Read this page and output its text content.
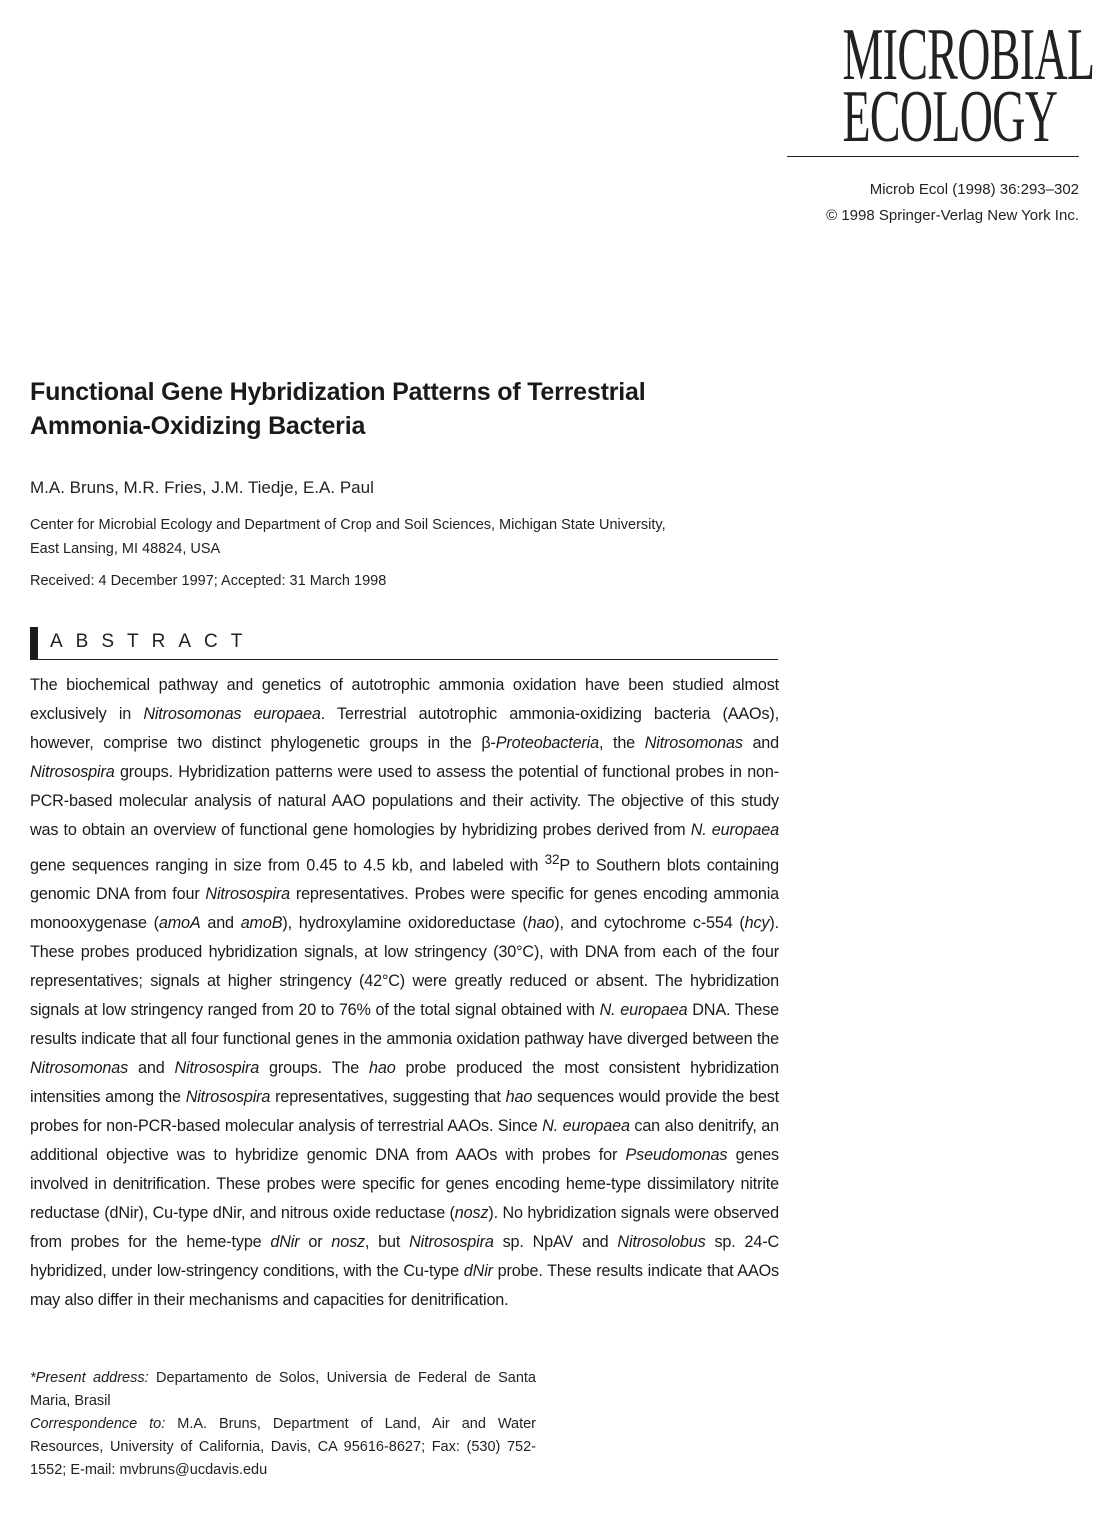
MICROBIAL
ECOLOGY
Microb Ecol (1998) 36:293–302
© 1998 Springer-Verlag New York Inc.
Functional Gene Hybridization Patterns of Terrestrial
Ammonia-Oxidizing Bacteria
M.A. Bruns, M.R. Fries, J.M. Tiedje, E.A. Paul
Center for Microbial Ecology and Department of Crop and Soil Sciences, Michigan State University,
East Lansing, MI 48824, USA
Received: 4 December 1997; Accepted: 31 March 1998
ABSTRACT

The biochemical pathway and genetics of autotrophic ammonia oxidation have been studied almost exclusively in Nitrosomonas europaea. Terrestrial autotrophic ammonia-oxidizing bacteria (AAOs), however, comprise two distinct phylogenetic groups in the β-Proteobacteria, the Nitrosomonas and Nitrosospira groups. Hybridization patterns were used to assess the potential of functional probes in non-PCR-based molecular analysis of natural AAO populations and their activity. The objective of this study was to obtain an overview of functional gene homologies by hybridizing probes derived from N. europaea gene sequences ranging in size from 0.45 to 4.5 kb, and labeled with $^{32}$P to Southern blots containing genomic DNA from four Nitrosospira representatives. Probes were specific for genes encoding ammonia monooxygenase (amoA and amoB), hydroxylamine oxidoreductase (hao), and cytochrome c-554 (hcy). These probes produced hybridization signals, at low stringency (30°C), with DNA from each of the four representatives; signals at higher stringency (42°C) were greatly reduced or absent. The hybridization signals at low stringency ranged from 20 to 76% of the total signal obtained with N. europaea DNA. These results indicate that all four functional genes in the ammonia oxidation pathway have diverged between the Nitrosomonas and Nitrosospira groups. The hao probe produced the most consistent hybridization intensities among the Nitrosospira representatives, suggesting that hao sequences would provide the best probes for non-PCR-based molecular analysis of terrestrial AAOs. Since N. europaea can also denitrify, an additional objective was to hybridize genomic DNA from AAOs with probes for Pseudomonas genes involved in denitrification. These probes were specific for genes encoding heme-type dissimilatory nitrite reductase (dNir), Cu-type dNir, and nitrous oxide reductase (nosz). No hybridization signals were observed from probes for the heme-type dNir or nosz, but Nitrosospira sp. NpAV and Nitrosolobus sp. 24-C hybridized, under low-stringency conditions, with the Cu-type dNir probe. These results indicate that AAOs may also differ in their mechanisms and capacities for denitrification.

*Present address: Departamento de Solos, Universia de Federal de Santa Maria, Brasil

Correspondence to: M.A. Bruns, Department of Land, Air and Water Resources, University of California, Davis, CA 95616-8627; Fax: (530) 752-1552; E-mail: mvbruns@ucdavis.edu
